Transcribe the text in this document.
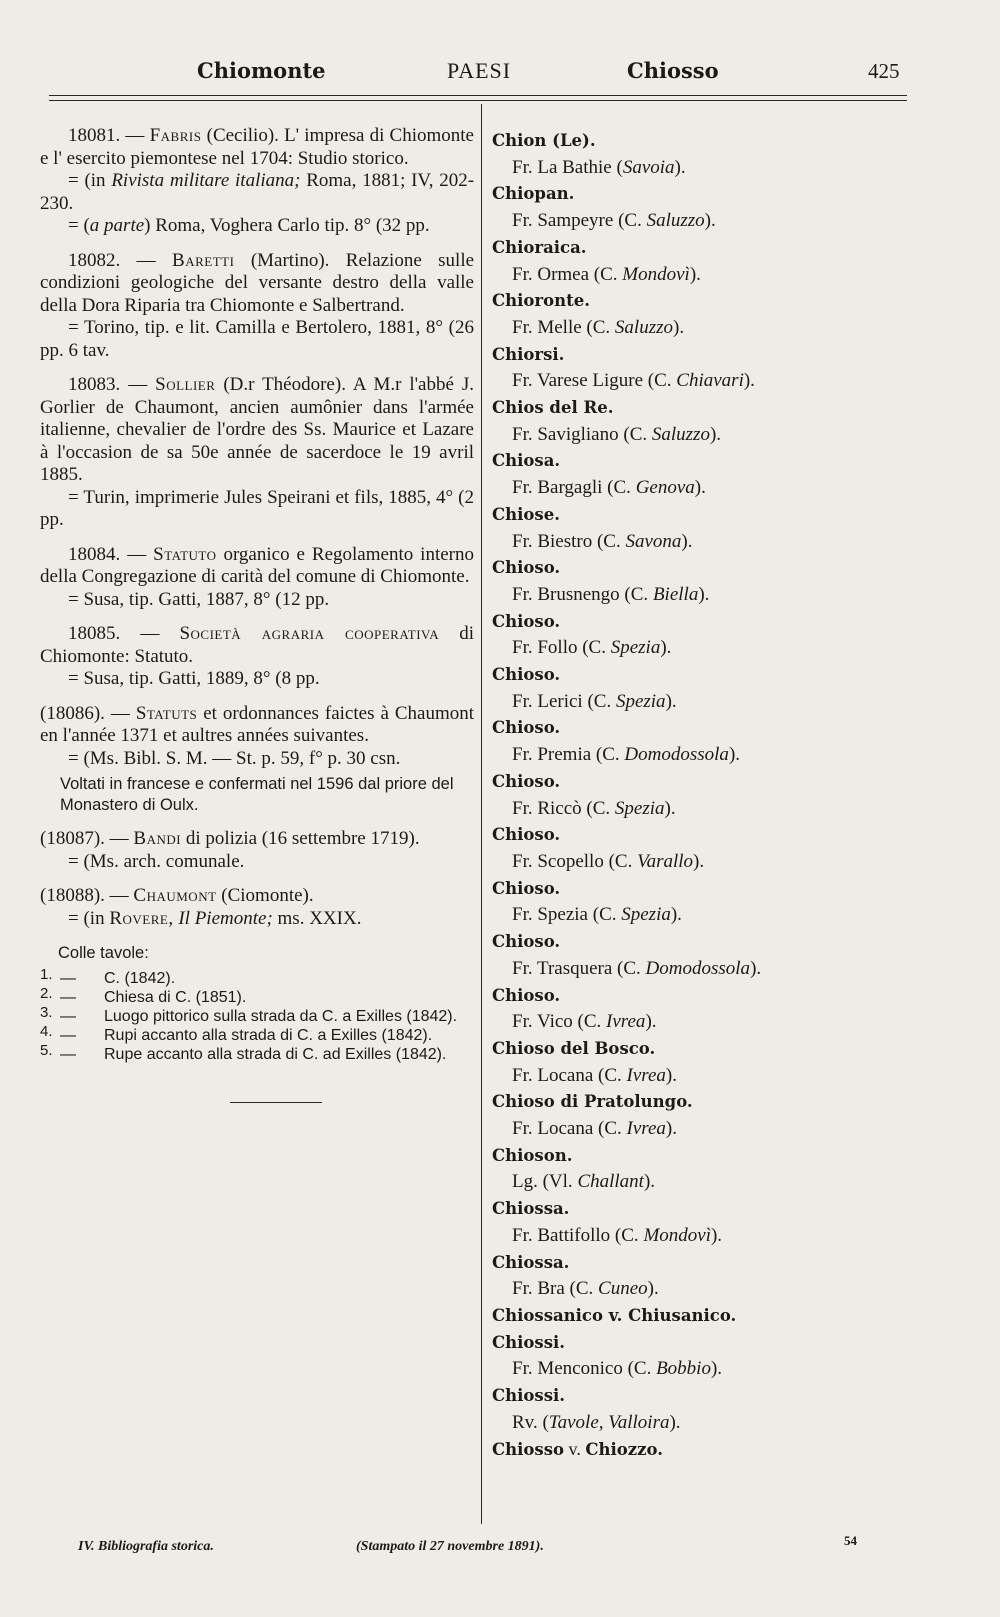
Chiomonte	PAESI	Chiosso	425

18081. — Fabris (Cecilio). L' impresa di Chiomonte e l' esercito piemontese nel 1704: Studio storico.

= (in Rivista militare italiana; Roma, 1881; IV, 202-230.

= (a parte) Roma, Voghera Carlo tip. 8° (32 pp.

18082. — Baretti (Martino). Relazione sulle condizioni geologiche del versante destro della valle della Dora Riparia tra Chiomonte e Salbertrand.

= Torino, tip. e lit. Camilla e Bertolero, 1881, 8° (26 pp. 6 tav.

18083. — Sollier (D.r Théodore). A M.r l'abbé J. Gorlier de Chaumont, ancien aumônier dans l'armée italienne, chevalier de l'ordre des Ss. Maurice et Lazare à l'occasion de sa 50e année de sacerdoce le 19 avril 1885.

= Turin, imprimerie Jules Speirani et fils, 1885, 4° (2 pp.

18084. — Statuto organico e Regolamento interno della Congregazione di carità del comune di Chiomonte.

= Susa, tip. Gatti, 1887, 8° (12 pp.

18085. — Società agraria cooperativa di Chiomonte: Statuto.

= Susa, tip. Gatti, 1889, 8° (8 pp.

(18086). — Statuts et ordonnances faictes à Chaumont en l'année 1371 et aultres années suivantes.

= (Ms. Bibl. S. M. — St. p. 59, f° p. 30 csn.

Voltati in francese e confermati nel 1596 dal priore del Monastero di Oulx.

(18087). — Bandi di polizia (16 settembre 1719).

= (Ms. arch. comunale.

(18088). — Chaumont (Ciomonte).

= (in Rovere, Il Piemonte; ms. XXIX.

Colle tavole:
1. — C. (1842).
2. — Chiesa di C. (1851).
3. — Luogo pittorico sulla strada da C. a Exilles (1842).
4. — Rupi accanto alla strada di C. a Exilles (1842).
5. — Rupe accanto alla strada di C. ad Exilles (1842).
Chion (Le).
Fr. La Bathie (Savoia).
Chiopan.
Fr. Sampeyre (C. Saluzzo).
Chioraica.
Fr. Ormea (C. Mondovì).
Chioronte.
Fr. Melle (C. Saluzzo).
Chiorsi.
Fr. Varese Ligure (C. Chiavari).
Chios del Re.
Fr. Savigliano (C. Saluzzo).
Chiosa.
Fr. Bargagli (C. Genova).
Chiose.
Fr. Biestro (C. Savona).
Chioso.
Fr. Brusnengo (C. Biella).
Chioso.
Fr. Follo (C. Spezia).
Chioso.
Fr. Lerici (C. Spezia).
Chioso.
Fr. Premia (C. Domodossola).
Chioso.
Fr. Riccò (C. Spezia).
Chioso.
Fr. Scopello (C. Varallo).
Chioso.
Fr. Spezia (C. Spezia).
Chioso.
Fr. Trasquera (C. Domodossola).
Chioso.
Fr. Vico (C. Ivrea).
Chioso del Bosco.
Fr. Locana (C. Ivrea).
Chioso di Pratolungo.
Fr. Locana (C. Ivrea).
Chioson.
Lg. (Vl. Challant).
Chiossa.
Fr. Battifollo (C. Mondovì).
Chiossa.
Fr. Bra (C. Cuneo).
Chiossanico v. Chiusanico.
Chiossi.
Fr. Menconico (C. Bobbio).
Chiossi.
Rv. (Tavole, Valloira).
Chiosso v. Chiozzo.
IV. Bibliografia storica.	(Stampato il 27 novembre 1891).	54
